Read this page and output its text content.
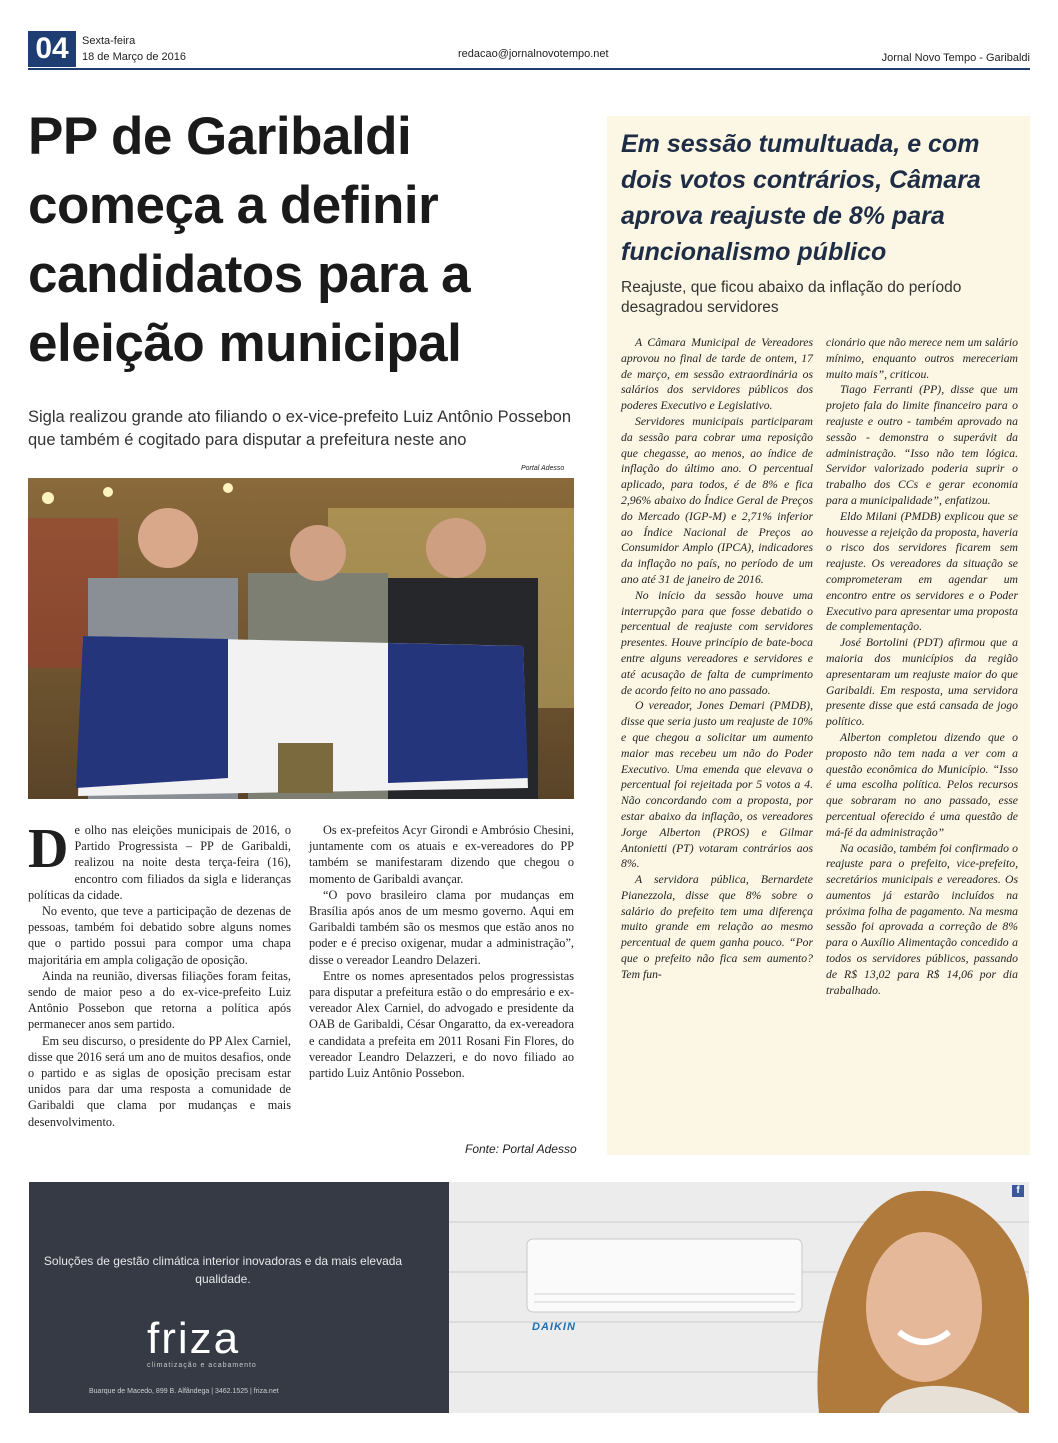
04	Sexta-feira
18 de Março de 2016	redacao@jornalnovotempo.net	Jornal Novo Tempo - Garibaldi
PP de Garibaldi começa a definir candidatos para a eleição municipal
Sigla realizou grande ato filiando o ex-vice-prefeito Luiz Antônio Possebon que também é cogitado para disputar a prefeitura neste ano
Portal Adesso

De olho nas eleições municipais de 2016, o Partido Progressista – PP de Garibaldi, realizou na noite desta terça-feira (16), encontro com filiados da sigla e lideranças políticas da cidade.

No evento, que teve a participação de dezenas de pessoas, também foi debatido sobre alguns nomes que o partido possui para compor uma chapa majoritária em ampla coligação de oposição.

Ainda na reunião, diversas filiações foram feitas, sendo de maior peso a do ex-vice-prefeito Luiz Antônio Possebon que retorna a política após permanecer anos sem partido.

Em seu discurso, o presidente do PP Alex Carniel, disse que 2016 será um ano de muitos desafios, onde o partido e as siglas de oposição precisam estar unidos para dar uma resposta a comunidade de Garibaldi que clama por mudanças e mais desenvolvimento.

Os ex-prefeitos Acyr Girondi e Ambrósio Chesini, juntamente com os atuais e ex-vereadores do PP também se manifestaram dizendo que chegou o momento de Garibaldi avançar.

“O povo brasileiro clama por mudanças em Brasília após anos de um mesmo governo. Aqui em Garibaldi também são os mesmos que estão anos no poder e é preciso oxigenar, mudar a administração”, disse o vereador Leandro Delazeri.

Entre os nomes apresentados pelos progressistas para disputar a prefeitura estão o do empresário e ex-vereador Alex Carniel, do advogado e presidente da OAB de Garibaldi, César Ongaratto, da ex-vereadora e candidata a prefeita em 2011 Rosani Fin Flores, do vereador Leandro Delazzeri, e do novo filiado ao partido Luiz Antônio Possebon.

Fonte: Portal Adesso
Em sessão tumultuada, e com dois votos contrários, Câmara aprova reajuste de 8% para funcionalismo público
Reajuste, que ficou abaixo da inflação do período desagradou servidores

A Câmara Municipal de Vereadores aprovou no final de tarde de ontem, 17 de março, em sessão extraordinária os salários dos servidores públicos dos poderes Executivo e Legislativo.

Servidores municipais participaram da sessão para cobrar uma reposição que chegasse, ao menos, ao índice de inflação do último ano. O percentual aplicado, para todos, é de 8% e fica 2,96% abaixo do Índice Geral de Preços do Mercado (IGP-M) e 2,71% inferior ao Índice Nacional de Preços ao Consumidor Amplo (IPCA), indicadores da inflação no país, no período de um ano até 31 de janeiro de 2016.

No início da sessão houve uma interrupção para que fosse debatido o percentual de reajuste com servidores presentes. Houve princípio de bate-boca entre alguns vereadores e servidores e até acusação de falta de cumprimento de acordo feito no ano passado.

O vereador, Jones Demari (PMDB), disse que seria justo um reajuste de 10% e que chegou a solicitar um aumento maior mas recebeu um não do Poder Executivo. Uma emenda que elevava o percentual foi rejeitada por 5 votos a 4. Não concordando com a proposta, por estar abaixo da inflação, os vereadores Jorge Alberton (PROS) e Gilmar Antonietti (PT) votaram contrários aos 8%.

A servidora pública, Bernardete Pianezzola, disse que 8% sobre o salário do prefeito tem uma diferença muito grande em relação ao mesmo percentual de quem ganha pouco. “Por que o prefeito não fica sem aumento? Tem fun-

cionário que não merece nem um salário mínimo, enquanto outros mereceriam muito mais”, criticou.

Tiago Ferranti (PP), disse que um projeto fala do limite financeiro para o reajuste e outro - também aprovado na sessão - demonstra o superávit da administração. “Isso não tem lógica. Servidor valorizado poderia suprir o trabalho dos CCs e gerar economia para a municipalidade”, enfatizou.

Eldo Milani (PMDB) explicou que se houvesse a rejeição da proposta, haveria o risco dos servidores ficarem sem reajuste. Os vereadores da situação se comprometeram em agendar um encontro entre os servidores e o Poder Executivo para apresentar uma proposta de complementação.

José Bortolini (PDT) afirmou que a maioria dos municípios da região apresentaram um reajuste maior do que Garibaldi. Em resposta, uma servidora presente disse que está cansada de jogo político.

Alberton completou dizendo que o proposto não tem nada a ver com a questão econômica do Município. “Isso é uma escolha política. Pelos recursos que sobraram no ano passado, esse percentual oferecido é uma questão de má-fé da administração”

Na ocasião, também foi confirmado o reajuste para o prefeito, vice-prefeito, secretários municipais e vereadores. Os aumentos já estarão incluídos na próxima folha de pagamento. Na mesma sessão foi aprovada a correção de 8% para o Auxílio Alimentação concedido a todos os servidores públicos, passando de R$ 13,02 para R$ 14,06 por dia trabalhado.

Soluções de gestão climática interior inovadoras e da mais elevada qualidade.
friza
climatização e acabamento
Buarque de Macedo, 899 B. Alfândega | 3462.1525 | friza.net
DAIKIN
f
